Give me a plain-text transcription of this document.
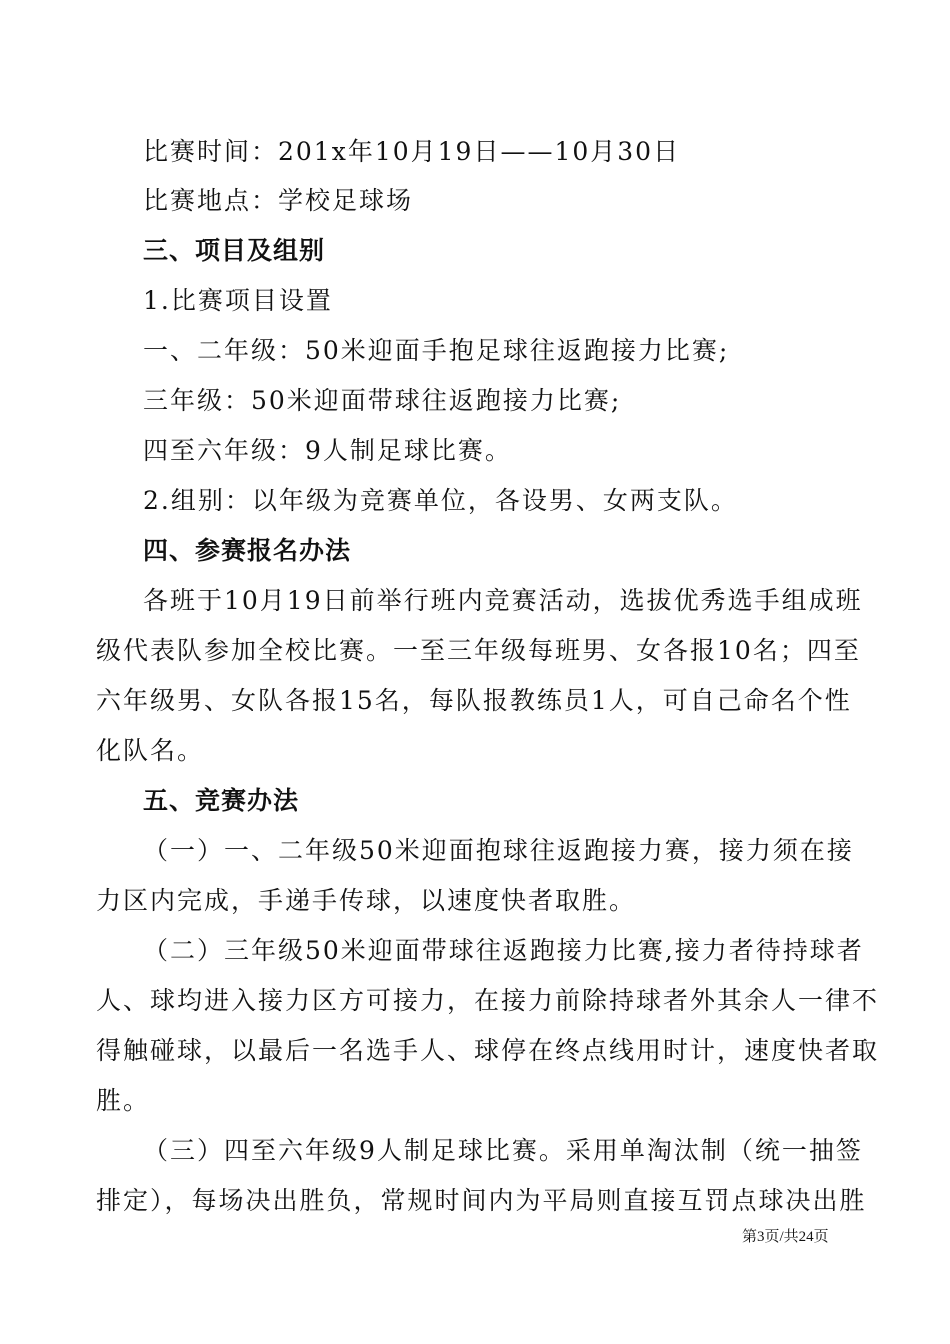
比赛时间：201x年10月19日——10月30日
比赛地点：学校足球场
三、项目及组别
1.比赛项目设置
一、二年级：50米迎面手抱足球往返跑接力比赛;
三年级：50米迎面带球往返跑接力比赛;
四至六年级：9人制足球比赛。
2.组别：以年级为竞赛单位，各设男、女两支队。
四、参赛报名办法
各班于10月19日前举行班内竞赛活动，选拔优秀选手组成班
级代表队参加全校比赛。一至三年级每班男、女各报10名；四至
六年级男、女队各报15名，每队报教练员1人，可自己命名个性
化队名。
五、竞赛办法
（一）一、二年级50米迎面抱球往返跑接力赛，接力须在接
力区内完成，手递手传球，以速度快者取胜。
（二）三年级50米迎面带球往返跑接力比赛,接力者待持球者
人、球均进入接力区方可接力，在接力前除持球者外其余人一律不
得触碰球，以最后一名选手人、球停在终点线用时计，速度快者取
胜。
（三）四至六年级9人制足球比赛。采用单淘汰制（统一抽签
排定），每场决出胜负，常规时间内为平局则直接互罚点球决出胜
第3页/共24页
